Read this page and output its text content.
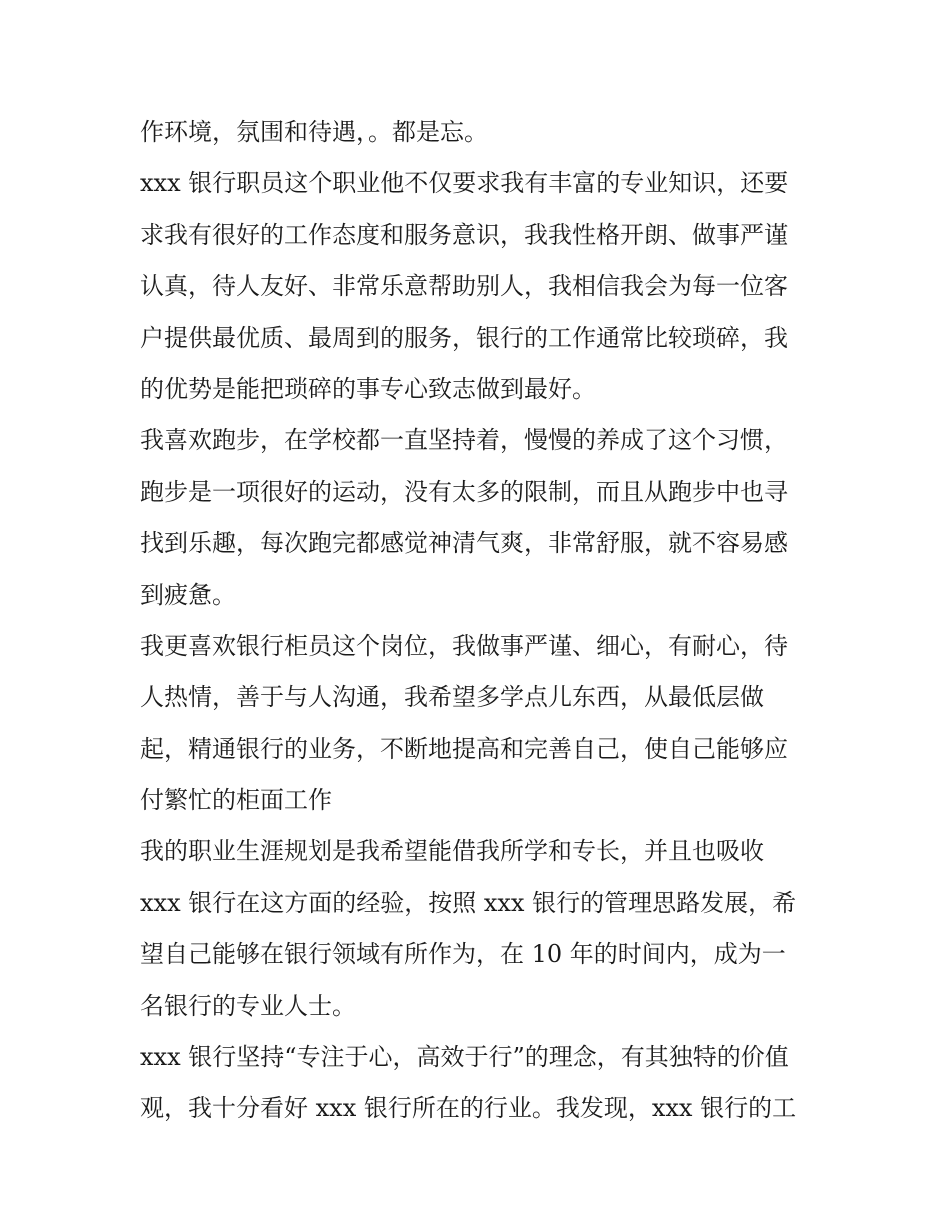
作环境，氛围和待遇，。都是忘。
xxx 银行职员这个职业他不仅要求我有丰富的专业知识，还要
求我有很好的工作态度和服务意识，我我性格开朗、做事严谨
认真，待人友好、非常乐意帮助别人，我相信我会为每一位客
户提供最优质、最周到的服务，银行的工作通常比较琐碎，我
的优势是能把琐碎的事专心致志做到最好。
我喜欢跑步，在学校都一直坚持着，慢慢的养成了这个习惯，
跑步是一项很好的运动，没有太多的限制，而且从跑步中也寻
找到乐趣，每次跑完都感觉神清气爽，非常舒服，就不容易感
到疲惫。
我更喜欢银行柜员这个岗位，我做事严谨、细心，有耐心，待
人热情，善于与人沟通，我希望多学点儿东西，从最低层做
起，精通银行的业务，不断地提高和完善自己，使自己能够应
付繁忙的柜面工作
我的职业生涯规划是我希望能借我所学和专长，并且也吸收
xxx 银行在这方面的经验，按照 xxx 银行的管理思路发展，希
望自己能够在银行领域有所作为，在 10 年的时间内，成为一
名银行的专业人士。
xxx 银行坚持“专注于心，高效于行”的理念，有其独特的价值
观，我十分看好 xxx 银行所在的行业。我发现，xxx 银行的工
